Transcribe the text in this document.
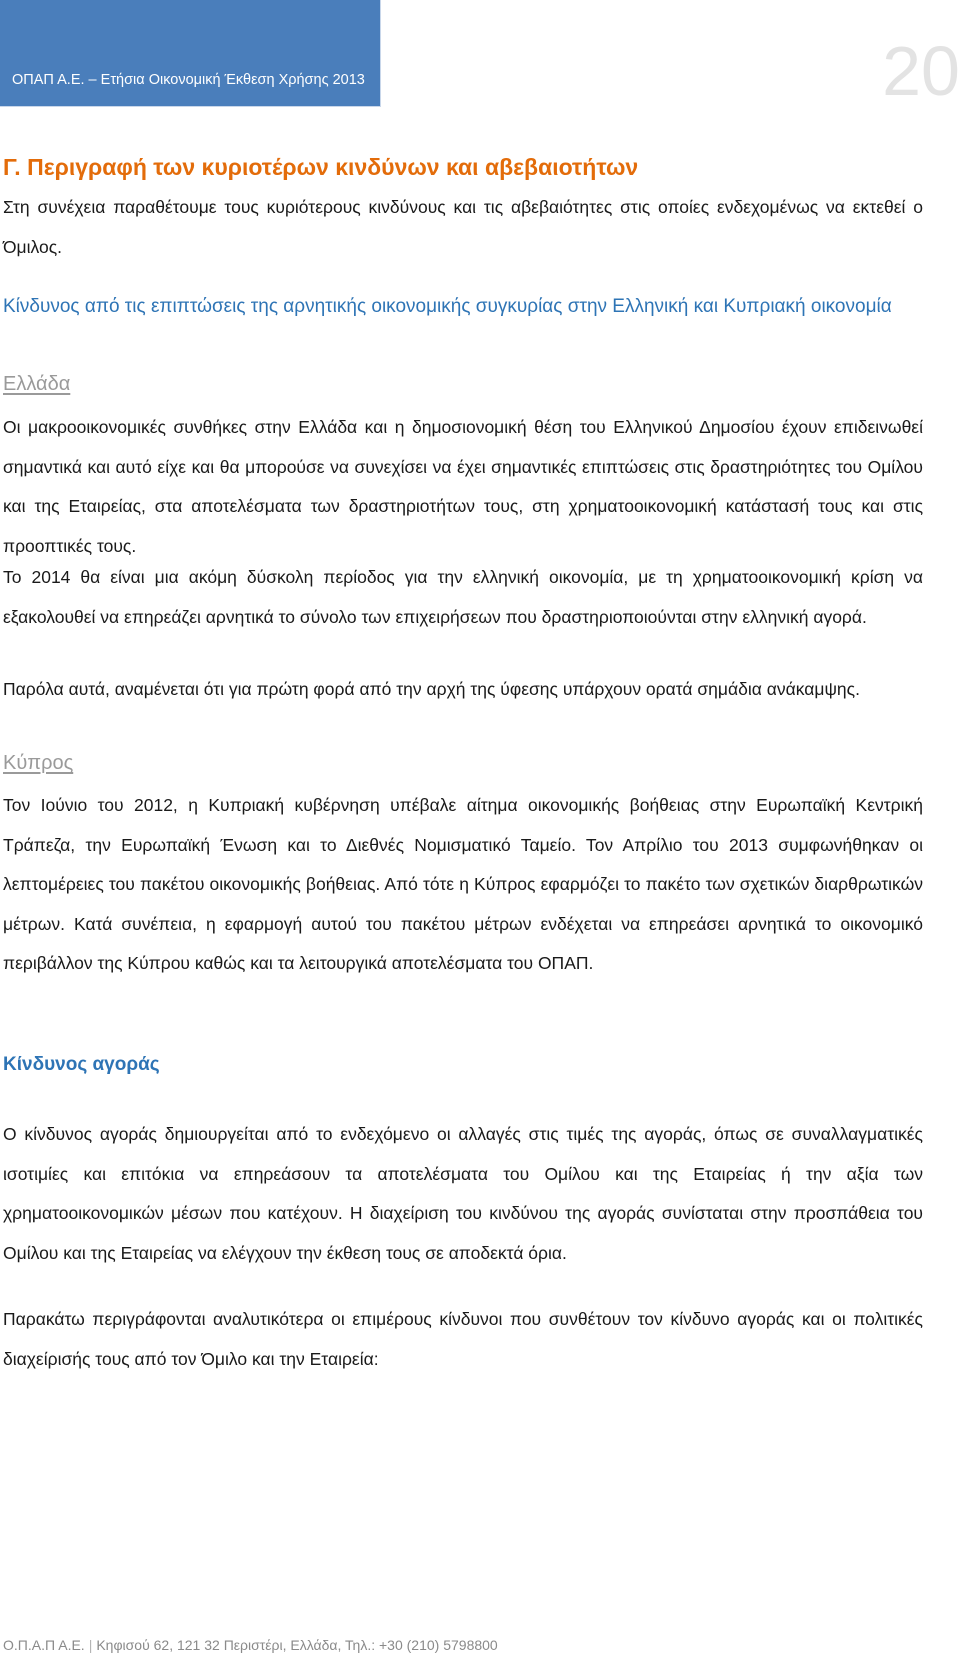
ΟΠΑΠ Α.Ε. – Ετήσια Οικονομική Έκθεση Χρήσης 2013	20
Γ. Περιγραφή των κυριοτέρων κινδύνων και αβεβαιοτήτων

Στη συνέχεια παραθέτουμε τους κυριότερους κινδύνους και τις αβεβαιότητες στις οποίες ενδεχομένως να εκτεθεί ο Όμιλος.

Κίνδυνος από τις επιπτώσεις της αρνητικής οικονομικής συγκυρίας στην Ελληνική και Κυπριακή οικονομία
Ελλάδα

Οι μακροοικονομικές συνθήκες στην Ελλάδα και η δημοσιονομική θέση του Ελληνικού Δημοσίου έχουν επιδεινωθεί σημαντικά και αυτό είχε και θα μπορούσε να συνεχίσει να έχει σημαντικές επιπτώσεις στις δραστηριότητες του Ομίλου και της Εταιρείας, στα αποτελέσματα των δραστηριοτήτων τους, στη χρηματοοικονομική κατάστασή τους και στις προοπτικές τους.

Το 2014 θα είναι μια ακόμη δύσκολη περίοδος για την ελληνική οικονομία, με τη χρηματοοικονομική κρίση να εξακολουθεί να επηρεάζει αρνητικά το σύνολο των επιχειρήσεων που δραστηριοποιούνται στην ελληνική αγορά.

Παρόλα αυτά, αναμένεται ότι για πρώτη φορά από την αρχή της ύφεσης υπάρχουν ορατά σημάδια ανάκαμψης.

Κύπρος

Τον Ιούνιο του 2012, η Κυπριακή κυβέρνηση υπέβαλε αίτημα οικονομικής βοήθειας στην Ευρωπαϊκή Κεντρική Τράπεζα, την Ευρωπαϊκή Ένωση και το Διεθνές Νομισματικό Ταμείο. Τον Απρίλιο του 2013 συμφωνήθηκαν οι λεπτομέρειες του πακέτου οικονομικής βοήθειας. Από τότε η Κύπρος εφαρμόζει το πακέτο των σχετικών διαρθρωτικών μέτρων. Κατά συνέπεια, η εφαρμογή αυτού του πακέτου μέτρων ενδέχεται να επηρεάσει αρνητικά το οικονομικό περιβάλλον της Κύπρου καθώς και τα λειτουργικά αποτελέσματα του ΟΠΑΠ.

Κίνδυνος αγοράς

Ο κίνδυνος αγοράς δημιουργείται από το ενδεχόμενο οι αλλαγές στις τιμές της αγοράς, όπως σε συναλλαγματικές ισοτιμίες και επιτόκια να επηρεάσουν τα αποτελέσματα του Ομίλου και της Εταιρείας ή την αξία των χρηματοοικονομικών μέσων που κατέχουν. Η διαχείριση του κινδύνου της αγοράς συνίσταται στην προσπάθεια του Ομίλου και της Εταιρείας να ελέγχουν την έκθεση τους σε αποδεκτά όρια.

Παρακάτω περιγράφονται αναλυτικότερα οι επιμέρους κίνδυνοι που συνθέτουν τον κίνδυνο αγοράς και οι πολιτικές διαχείρισής τους από τον Όμιλο και την Εταιρεία:

Ο.Π.Α.Π Α.Ε. | Κηφισού 62, 121 32 Περιστέρι, Ελλάδα, Τηλ.: +30 (210) 5798800
